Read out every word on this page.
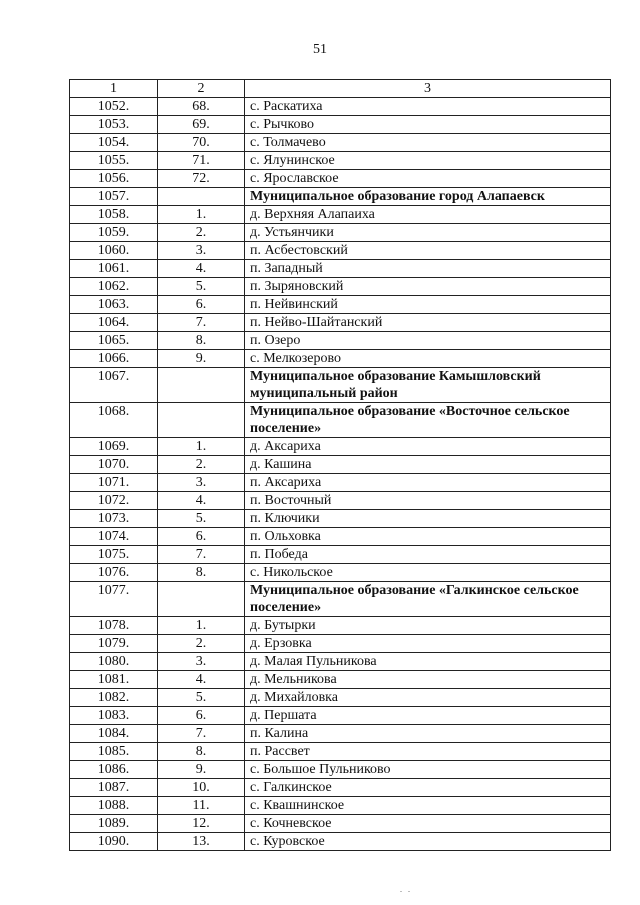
51
1	2	3
1052.	68.	с. Раскатиха
1053.	69.	с. Рычково
1054.	70.	с. Толмачево
1055.	71.	с. Ялунинское
1056.	72.	с. Ярославское
1057.		Муниципальное образование город Алапаевск
1058.	1.	д. Верхняя Алапаиха
1059.	2.	д. Устьянчики
1060.	3.	п. Асбестовский
1061.	4.	п. Западный
1062.	5.	п. Зыряновский
1063.	6.	п. Нейвинский
1064.	7.	п. Нейво-Шайтанский
1065.	8.	п. Озеро
1066.	9.	с. Мелкозерово
1067.		Муниципальное образование Камышловский муниципальный район
1068.		Муниципальное образование «Восточное сельское поселение»
1069.	1.	д. Аксариха
1070.	2.	д. Кашина
1071.	3.	п. Аксариха
1072.	4.	п. Восточный
1073.	5.	п. Ключики
1074.	6.	п. Ольховка
1075.	7.	п. Победа
1076.	8.	с. Никольское
1077.		Муниципальное образование «Галкинское сельское поселение»
1078.	1.	д. Бутырки
1079.	2.	д. Ерзовка
1080.	3.	д. Малая Пульникова
1081.	4.	д. Мельникова
1082.	5.	д. Михайловка
1083.	6.	д. Першата
1084.	7.	п. Калина
1085.	8.	п. Рассвет
1086.	9.	с. Большое Пульниково
1087.	10.	с. Галкинское
1088.	11.	с. Квашнинское
1089.	12.	с. Кочневское
1090.	13.	с. Куровское
. .
